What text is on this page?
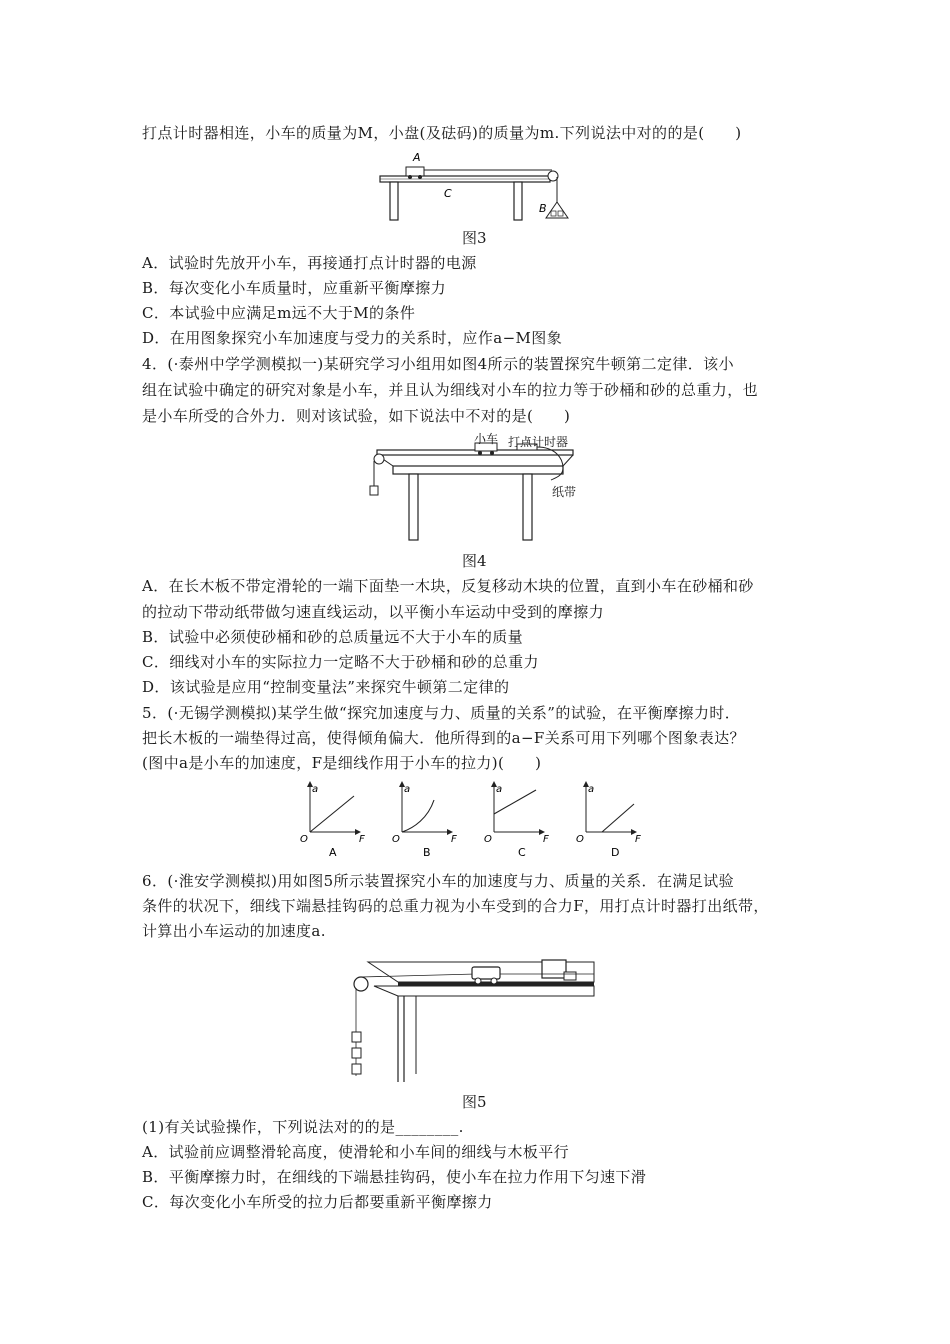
打点计时器相连，小车的质量为M，小盘(及砝码)的质量为m.下列说法中对的的是(　　)
A
C
B
图3
A．试验时先放开小车，再接通打点计时器的电源
B．每次变化小车质量时，应重新平衡摩擦力
C．本试验中应满足m远不大于M的条件
D．在用图象探究小车加速度与受力的关系时，应作a−M图象
4．(·泰州中学学测模拟一)某研究学习小组用如图4所示的装置探究牛顿第二定律．该小
组在试验中确定的研究对象是小车，并且认为细线对小车的拉力等于砂桶和砂的总重力，也
是小车所受的合外力．则对该试验，如下说法中不对的是(　　)
小车 打点计时器
纸带
图4
A．在长木板不带定滑轮的一端下面垫一木块，反复移动木块的位置，直到小车在砂桶和砂
的拉动下带动纸带做匀速直线运动，以平衡小车运动中受到的摩擦力
B．试验中必须使砂桶和砂的总质量远不大于小车的质量
C．细线对小车的实际拉力一定略不大于砂桶和砂的总重力
D．该试验是应用“控制变量法”来探究牛顿第二定律的
5．(·无锡学测模拟)某学生做“探究加速度与力、质量的关系”的试验，在平衡摩擦力时．
把长木板的一端垫得过高，使得倾角偏大．他所得到的a−F关系可用下列哪个图象表达？
(图中a是小车的加速度，F是细线作用于小车的拉力)(　　)
a
O	F
A
a
O	F
B
a
O	F
C
a
O	F
D
6．(·淮安学测模拟)用如图5所示装置探究小车的加速度与力、质量的关系．在满足试验
条件的状况下，细线下端悬挂钩码的总重力视为小车受到的合力F，用打点计时器打出纸带，
计算出小车运动的加速度a.
图5
(1)有关试验操作，下列说法对的的是________.
A．试验前应调整滑轮高度，使滑轮和小车间的细线与木板平行
B．平衡摩擦力时，在细线的下端悬挂钩码，使小车在拉力作用下匀速下滑
C．每次变化小车所受的拉力后都要重新平衡摩擦力
